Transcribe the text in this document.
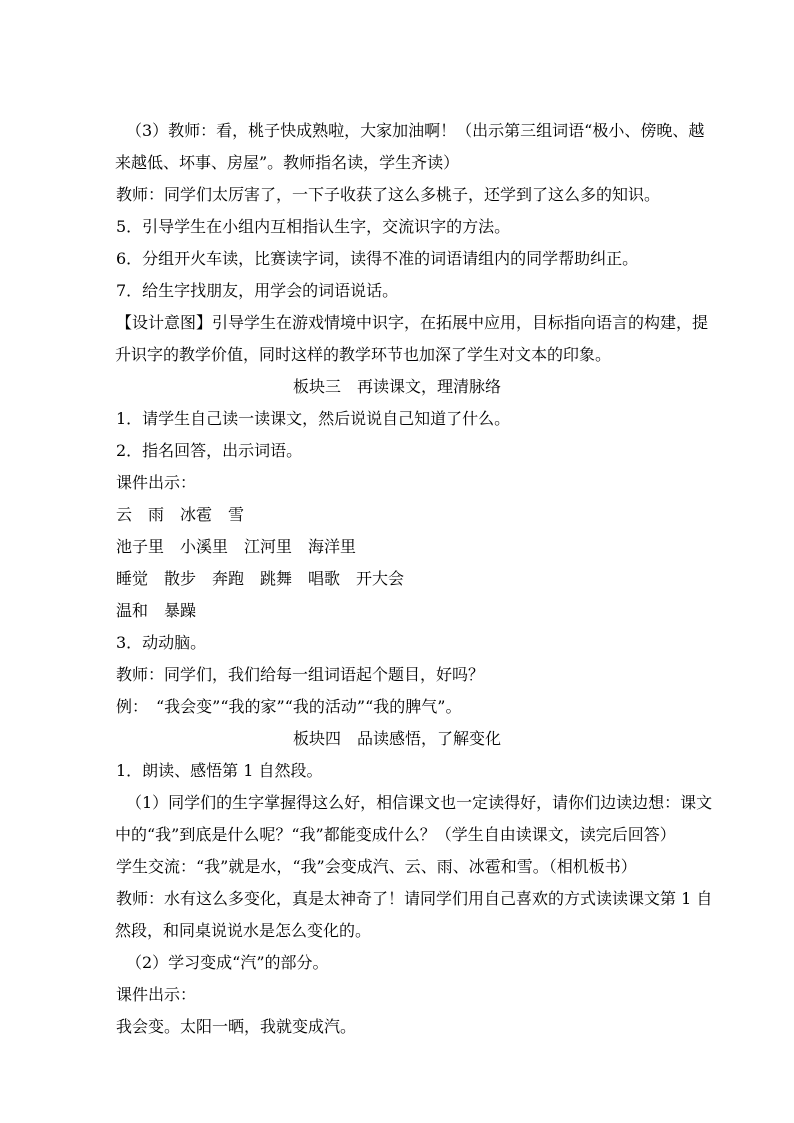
（3）教师：看，桃子快成熟啦，大家加油啊！（出示第三组词语“极小、傍晚、越
来越低、坏事、房屋”。教师指名读，学生齐读）
教师：同学们太厉害了，一下子收获了这么多桃子，还学到了这么多的知识。
5．引导学生在小组内互相指认生字，交流识字的方法。
6．分组开火车读，比赛读字词，读得不准的词语请组内的同学帮助纠正。
7．给生字找朋友，用学会的词语说话。
【设计意图】引导学生在游戏情境中识字，在拓展中应用，目标指向语言的构建，提
升识字的教学价值，同时这样的教学环节也加深了学生对文本的印象。
板块三　再读课文，理清脉络
1．请学生自己读一读课文，然后说说自己知道了什么。
2．指名回答，出示词语。
课件出示：
云　雨　冰雹　雪
池子里　小溪里　江河里　海洋里
睡觉　散步　奔跑　跳舞　唱歌　开大会
温和　暴躁
3．动动脑。
教师：同学们，我们给每一组词语起个题目，好吗？
例：　“我会变”“我的家”“我的活动”“我的脾气”。
板块四　品读感悟，了解变化
1．朗读、感悟第 1 自然段。
（1）同学们的生字掌握得这么好，相信课文也一定读得好，请你们边读边想：课文
中的“我”到底是什么呢？“我”都能变成什么？（学生自由读课文，读完后回答）
学生交流：“我”就是水，“我”会变成汽、云、雨、冰雹和雪。（相机板书）
教师：水有这么多变化，真是太神奇了！请同学们用自己喜欢的方式读读课文第 1 自
然段，和同桌说说水是怎么变化的。
（2）学习变成“汽”的部分。
课件出示：
我会变。太阳一晒，我就变成汽。
